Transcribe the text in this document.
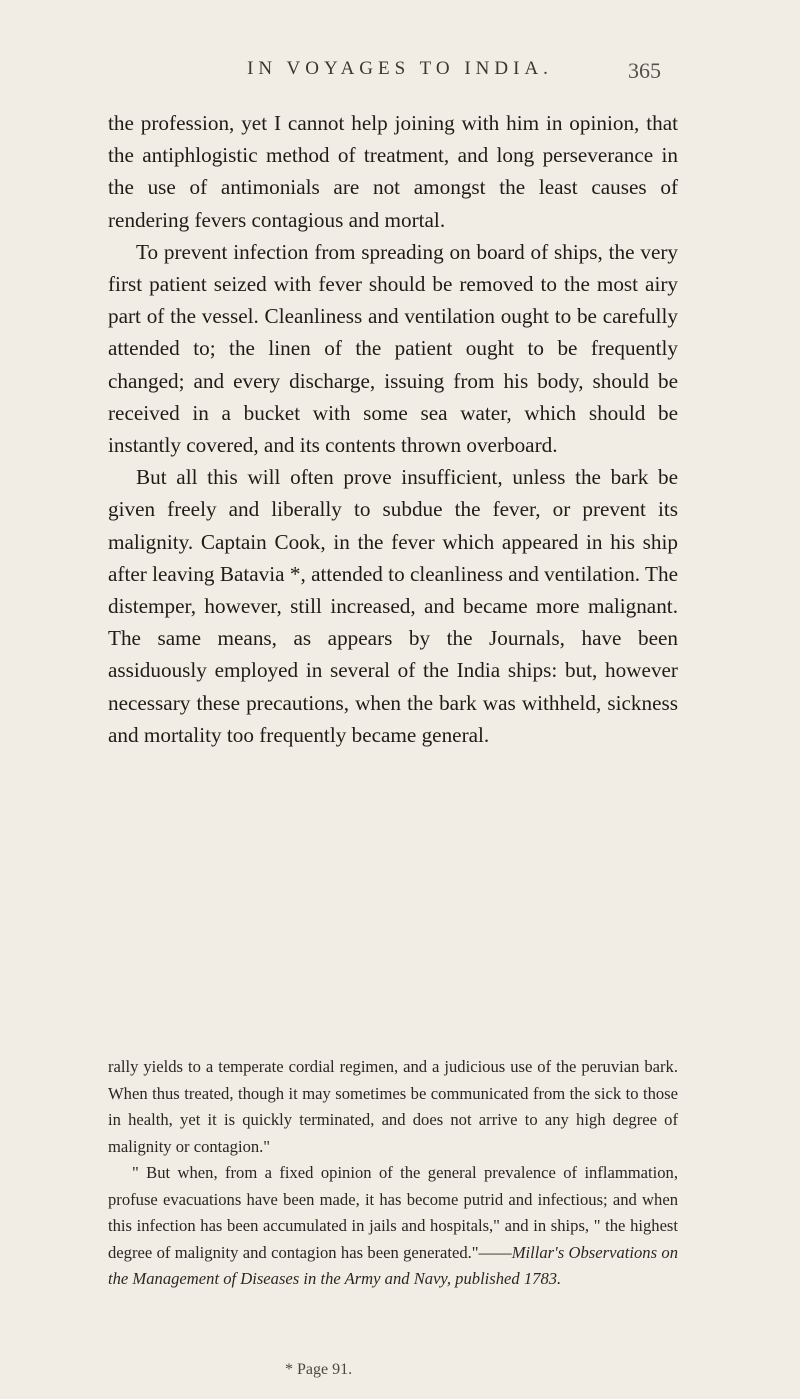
IN VOYAGES TO INDIA.	365

the profession, yet I cannot help joining with him in opinion, that the antiphlogistic method of treatment, and long perseverance in the use of antimonials are not amongst the least causes of rendering fevers contagious and mortal.

To prevent infection from spreading on board of ships, the very first patient seized with fever should be removed to the most airy part of the vessel. Cleanliness and ventilation ought to be carefully attended to; the linen of the patient ought to be frequently changed; and every discharge, issuing from his body, should be received in a bucket with some sea water, which should be instantly covered, and its contents thrown overboard.

But all this will often prove insufficient, unless the bark be given freely and liberally to subdue the fever, or prevent its malignity. Captain Cook, in the fever which appeared in his ship after leaving Batavia *, attended to cleanliness and ventilation. The distemper, however, still increased, and became more malignant. The same means, as appears by the Journals, have been assiduously employed in several of the India ships: but, however necessary these precautions, when the bark was withheld, sickness and mortality too frequently became general.

rally yields to a temperate cordial regimen, and a judicious use of the peruvian bark. When thus treated, though it may sometimes be communicated from the sick to those in health, yet it is quickly terminated, and does not arrive to any high degree of malignity or contagion."

" But when, from a fixed opinion of the general prevalence of inflammation, profuse evacuations have been made, it has become putrid and infectious; and when this infection has been accumulated in jails and hospitals," and in ships, " the highest degree of malignity and contagion has been generated."——Millar's Observations on the Management of Diseases in the Army and Navy, published 1783.

* Page 91.
